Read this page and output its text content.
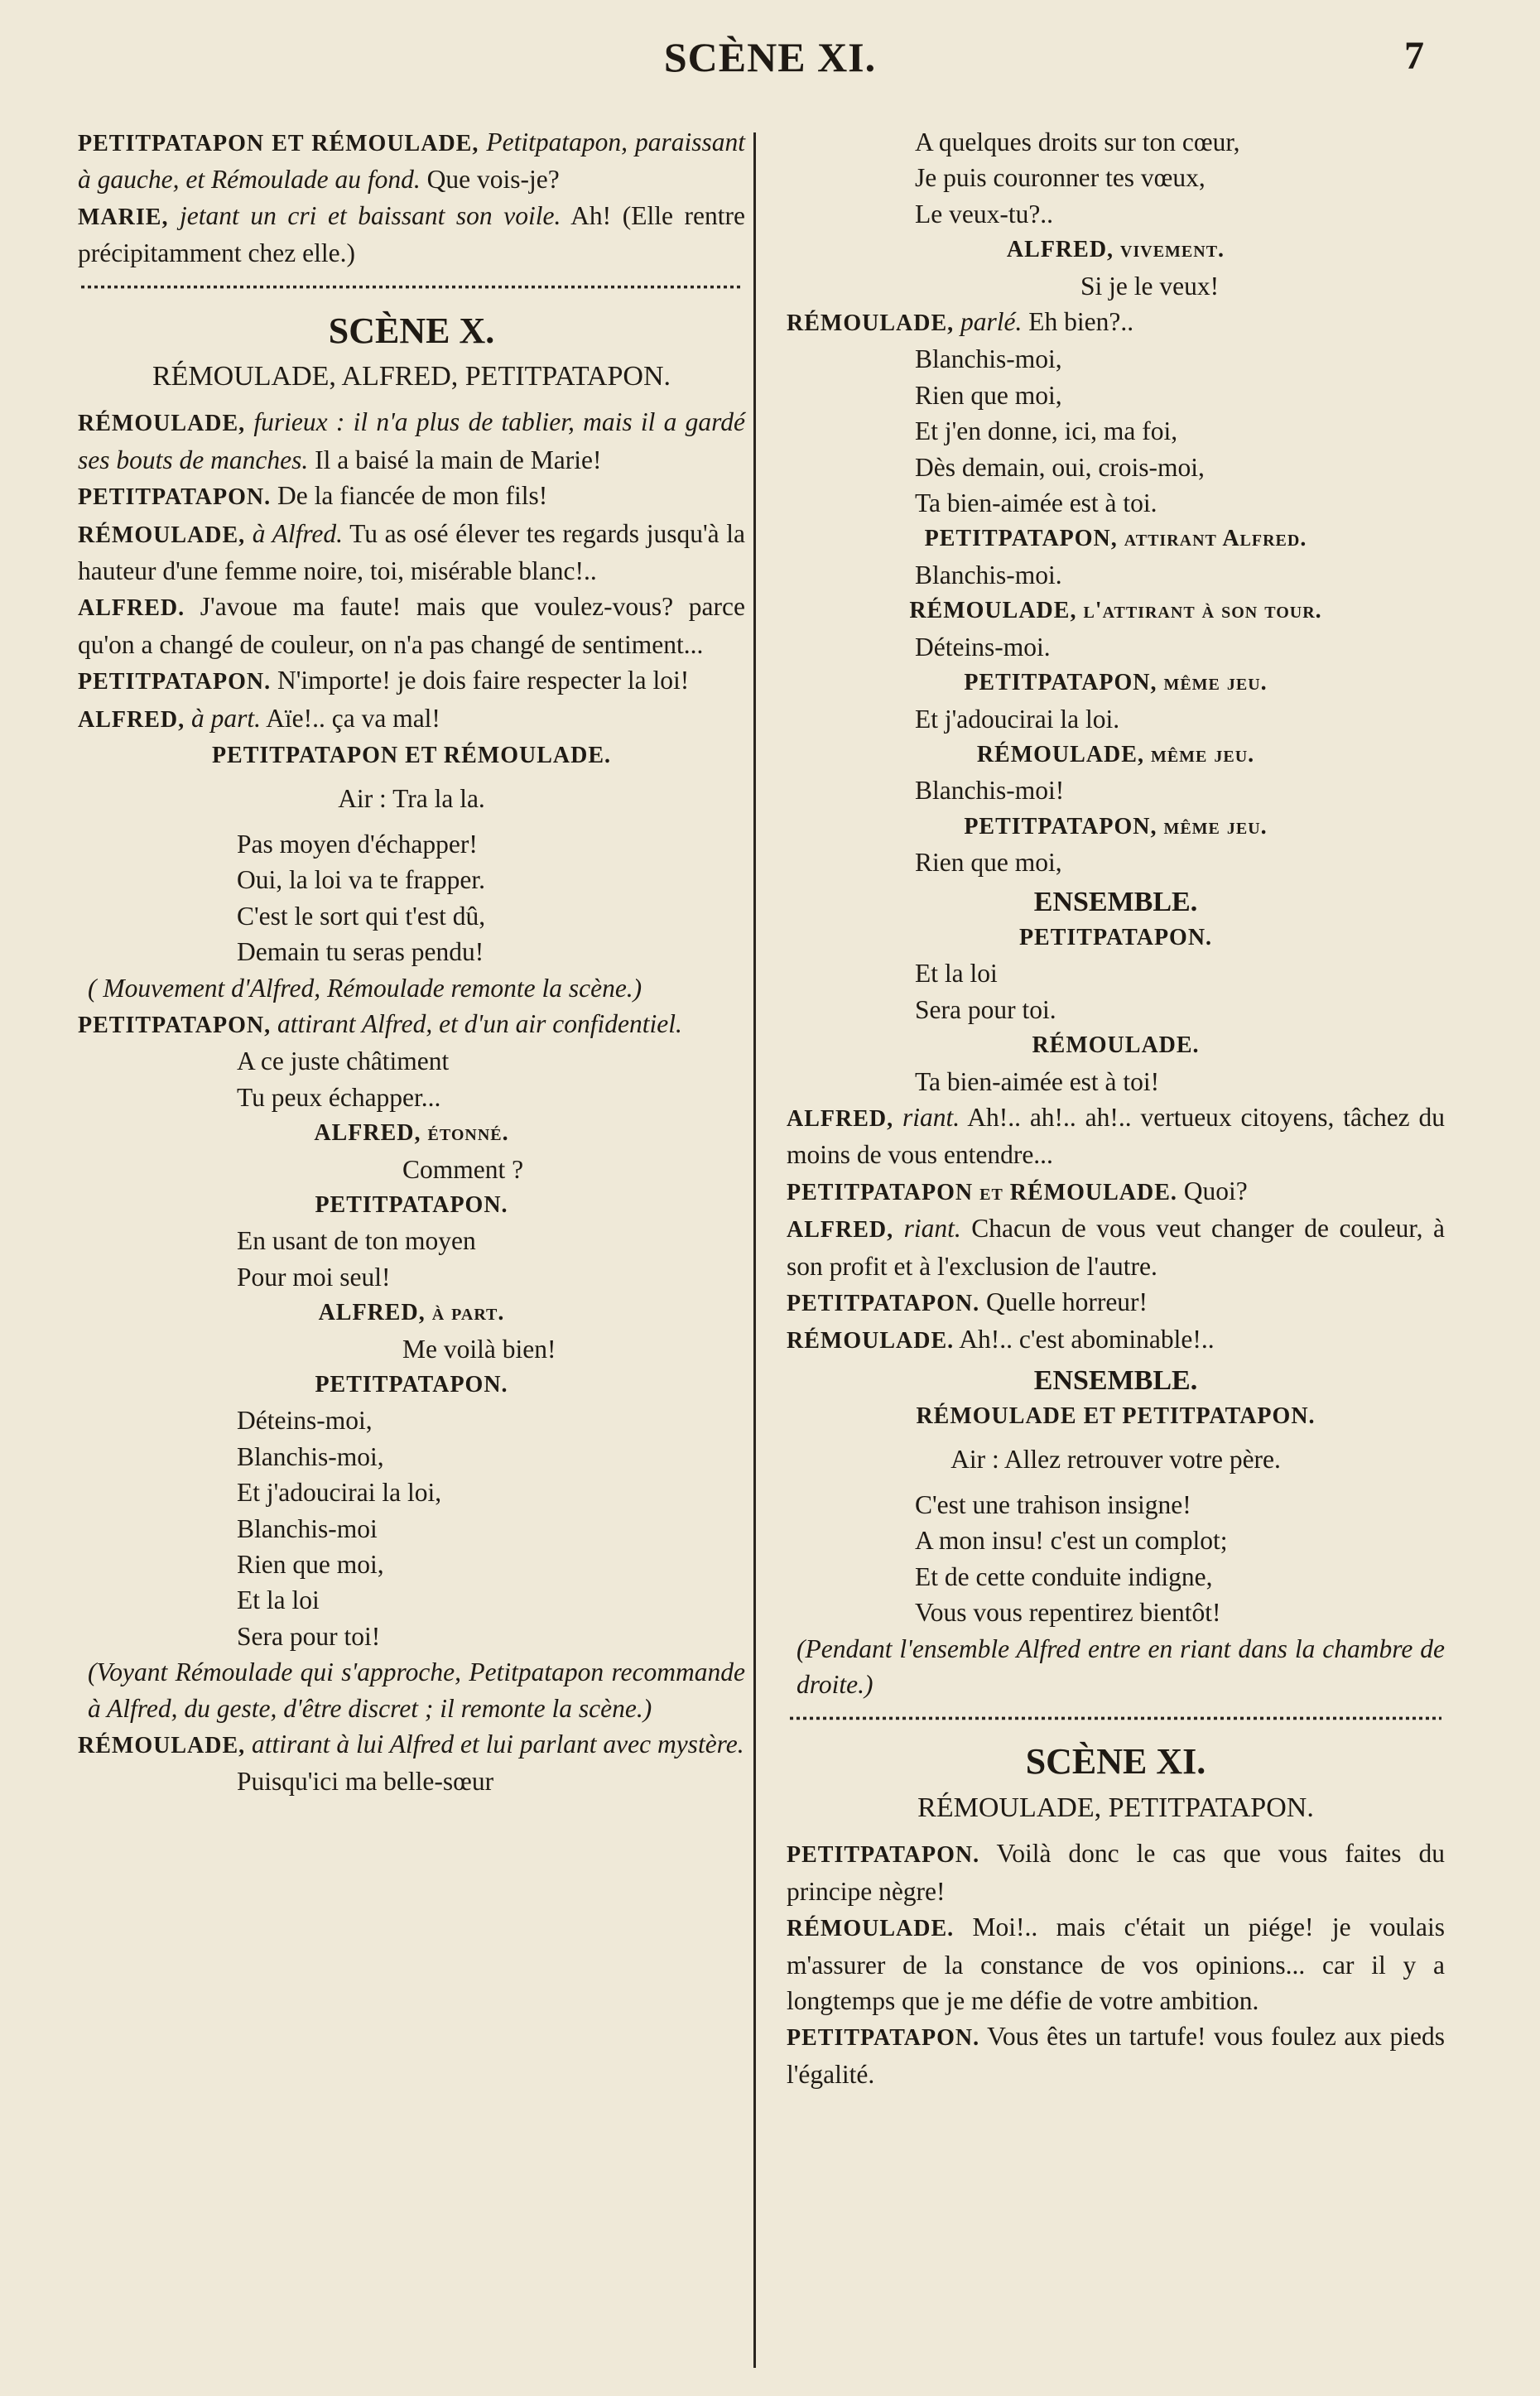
SCÈNE XI.	7

PETITPATAPON ET RÉMOULADE, Petitpatapon, paraissant à gauche, et Rémoulade au fond. Que vois-je?

MARIE, jetant un cri et baissant son voile. Ah! (Elle rentre précipitamment chez elle.)

SCÈNE X.

RÉMOULADE, ALFRED, PETITPATAPON.

RÉMOULADE, furieux : il n'a plus de tablier, mais il a gardé ses bouts de manches. Il a baisé la main de Marie!

PETITPATAPON. De la fiancée de mon fils!

RÉMOULADE, à Alfred. Tu as osé élever tes regards jusqu'à la hauteur d'une femme noire, toi, misérable blanc!..

ALFRED. J'avoue ma faute! mais que voulez-vous? parce qu'on a changé de couleur, on n'a pas changé de sentiment...

PETITPATAPON. N'importe! je dois faire respecter la loi!

ALFRED, à part. Aïe!.. ça va mal!

PETITPATAPON ET RÉMOULADE.

Air : Tra la la.

Pas moyen d'échapper!

Oui, la loi va te frapper.

C'est le sort qui t'est dû,

Demain tu seras pendu!

( Mouvement d'Alfred, Rémoulade remonte la scène.)

PETITPATAPON, attirant Alfred, et d'un air confidentiel.

A ce juste châtiment

Tu peux échapper...

ALFRED, étonné.

Comment ?

PETITPATAPON.

En usant de ton moyen

Pour moi seul!

ALFRED, à part.

Me voilà bien!

PETITPATAPON.

Déteins-moi,

Blanchis-moi,

Et j'adoucirai la loi,

Blanchis-moi

Rien que moi,

Et la loi

Sera pour toi!

(Voyant Rémoulade qui s'approche, Petitpatapon recommande à Alfred, du geste, d'être discret ; il remonte la scène.)

RÉMOULADE, attirant à lui Alfred et lui parlant avec mystère.

Puisqu'ici ma belle-sœur

A quelques droits sur ton cœur,

Je puis couronner tes vœux,

Le veux-tu?..

ALFRED, vivement.

Si je le veux!

RÉMOULADE, parlé. Eh bien?..

Blanchis-moi,

Rien que moi,

Et j'en donne, ici, ma foi,

Dès demain, oui, crois-moi,

Ta bien-aimée est à toi.

PETITPATAPON, attirant Alfred.

Blanchis-moi.

RÉMOULADE, l'attirant à son tour.

Déteins-moi.

PETITPATAPON, même jeu.

Et j'adoucirai la loi.

RÉMOULADE, même jeu.

Blanchis-moi!

PETITPATAPON, même jeu.

Rien que moi,

ENSEMBLE.

PETITPATAPON.

Et la loi

Sera pour toi.

RÉMOULADE.

Ta bien-aimée est à toi!

ALFRED, riant. Ah!.. ah!.. ah!.. vertueux citoyens, tâchez du moins de vous entendre...

PETITPATAPON et RÉMOULADE. Quoi?

ALFRED, riant. Chacun de vous veut changer de couleur, à son profit et à l'exclusion de l'autre.

PETITPATAPON. Quelle horreur!

RÉMOULADE. Ah!.. c'est abominable!..

ENSEMBLE.

RÉMOULADE ET PETITPATAPON.

Air : Allez retrouver votre père.

C'est une trahison insigne!

A mon insu! c'est un complot;

Et de cette conduite indigne,

Vous vous repentirez bientôt!

(Pendant l'ensemble Alfred entre en riant dans la chambre de droite.)

SCÈNE XI.

RÉMOULADE, PETITPATAPON.

PETITPATAPON. Voilà donc le cas que vous faites du principe nègre!

RÉMOULADE. Moi!.. mais c'était un piége! je voulais m'assurer de la constance de vos opinions... car il y a longtemps que je me défie de votre ambition.

PETITPATAPON. Vous êtes un tartufe! vous foulez aux pieds l'égalité.
